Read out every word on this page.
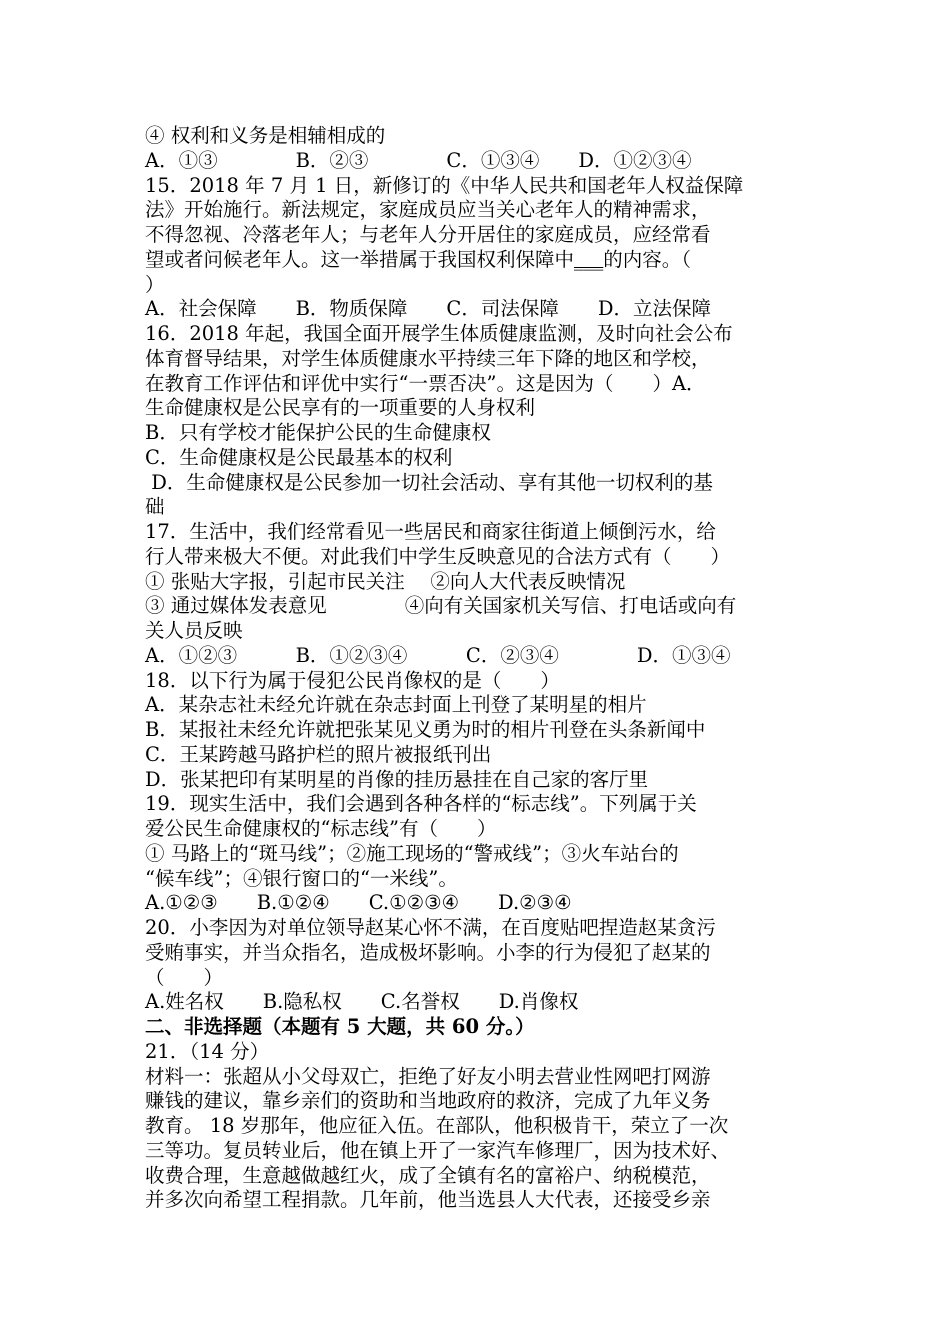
④ 权利和义务是相辅相成的
A．①③　　　　B．②③　　　　C．①③④　　D．①②③④
15．2018 年 7 月 1 日，新修订的《中华人民共和国老年人权益保障
法》开始施行。新法规定，家庭成员应当关心老年人的精神需求，
不得忽视、冷落老年人；与老年人分开居住的家庭成员，应经常看
望或者问候老年人。这一举措属于我国权利保障中___的内容。（
）
A．社会保障　　B．物质保障　　C．司法保障　　D．立法保障
16．2018 年起，我国全面开展学生体质健康监测，及时向社会公布
体育督导结果，对学生体质健康水平持续三年下降的地区和学校，
在教育工作评估和评优中实行“一票否决”。这是因为（　　）A．
生命健康权是公民享有的一项重要的人身权利
B．只有学校才能保护公民的生命健康权
C．生命健康权是公民最基本的权利
D．生命健康权是公民参加一切社会活动、享有其他一切权利的基
础
17．生活中，我们经常看见一些居民和商家往街道上倾倒污水，给
行人带来极大不便。对此我们中学生反映意见的合法方式有（　　）
① 张贴大字报，引起市民关注　 ②向人大代表反映情况
③ 通过媒体发表意见　　　　④向有关国家机关写信、打电话或向有
关人员反映
A．①②③　　　B．①②③④　　　C．②③④　　　　D．①③④
18．以下行为属于侵犯公民肖像权的是（　　）
A．某杂志社未经允许就在杂志封面上刊登了某明星的相片
B．某报社未经允许就把张某见义勇为时的相片刊登在头条新闻中
C．王某跨越马路护栏的照片被报纸刊出
D．张某把印有某明星的肖像的挂历悬挂在自己家的客厅里
19．现实生活中，我们会遇到各种各样的“标志线”。下列属于关
爱公民生命健康权的“标志线”有（　　）
① 马路上的“斑马线”；②施工现场的“警戒线”；③火车站台的
“候车线”；④银行窗口的“一米线”。
A.①②③　　B.①②④　　C.①②③④　　D.②③④
20．小李因为对单位领导赵某心怀不满，在百度贴吧捏造赵某贪污
受贿事实，并当众指名，造成极坏影响。小李的行为侵犯了赵某的
（　　）
A.姓名权　　B.隐私权　　C.名誉权　　D.肖像权
二、非选择题（本题有 5 大题，共 60 分。）
21．（14 分）
材料一：张超从小父母双亡，拒绝了好友小明去营业性网吧打网游
赚钱的建议，靠乡亲们的资助和当地政府的救济，完成了九年义务
教育。 18 岁那年，他应征入伍。在部队，他积极肯干，荣立了一次
三等功。复员转业后，他在镇上开了一家汽车修理厂，因为技术好、
收费合理，生意越做越红火，成了全镇有名的富裕户、纳税模范，
并多次向希望工程捐款。几年前，他当选县人大代表，还接受乡亲
